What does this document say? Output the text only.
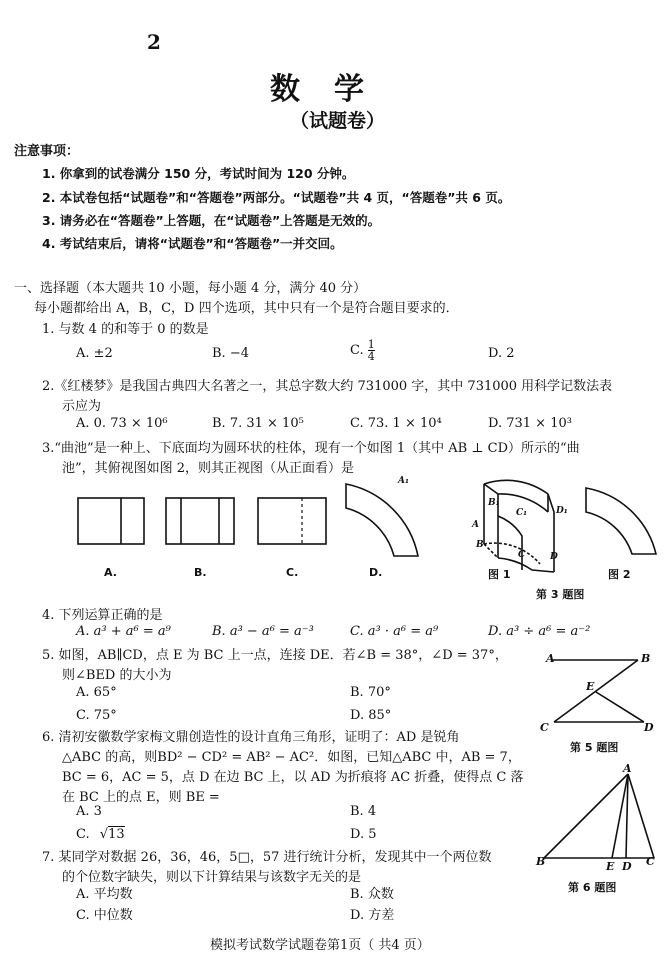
2
数　学
（试题卷）
注意事项：
1. 你拿到的试卷满分 150 分，考试时间为 120 分钟。
2. 本试卷包括“试题卷”和“答题卷”两部分。“试题卷”共 4 页，“答题卷”共 6 页。
3. 请务必在“答题卷”上答题，在“试题卷”上答题是无效的。
4. 考试结束后，请将“试题卷”和“答题卷”一并交回。
一、选择题（本大题共 10 小题，每小题 4 分，满分 40 分）
每小题都给出 A，B，C，D 四个选项，其中只有一个是符合题目要求的．
1. 与数 4 的和等于 0 的数是
A. ±2	B. −4	C. $\frac{1}{4}$	D. 2
2.《红楼梦》是我国古典四大名著之一，其总字数大约 731000 字，其中 731000 用科学记数法表
示应为
A. 0. 73 × 10⁶	B. 7. 31 × 10⁵	C. 73. 1 × 10⁴	D. 731 × 10³
3.“曲池”是一种上、下底面均为圆环状的柱体，现有一个如图 1（其中 AB ⊥ CD）所示的“曲
池”，其俯视图如图 2，则其正视图（从正面看）是
A₁
B₁
C₁	D₁
A
B
C	D
A.	B.	C.	D.	图 1	图 2
第 3 题图
4. 下列运算正确的是
A. a³ + a⁶ = a⁹	B. a³ − a⁶ = a⁻³	C. a³ · a⁶ = a⁹	D. a³ ÷ a⁶ = a⁻²
5. 如图，AB∥CD，点 E 为 BC 上一点，连接 DE．若∠B = 38°，∠D = 37°，
则∠BED 的大小为
A. 65°	B. 70°
C. 75°	D. 85°
A	B
E
C	D
第 5 题图
6. 清初安徽数学家梅文鼎创造性的设计直角三角形，证明了：AD 是锐角
△ABC 的高，则BD² − CD² = AB² − AC²．如图，已知△ABC 中，AB = 7，
BC = 6，AC = 5，点 D 在边 BC 上，以 AD 为折痕将 AC 折叠，使得点 C 落
在 BC 上的点 E，则 BE =
A. 3	B. 4
C. √13	D. 5
A
B	E D C
第 6 题图
7. 某同学对数据 26，36，46，5□，57 进行统计分析，发现其中一个两位数
的个位数字缺失，则以下计算结果与该数字无关的是
A. 平均数	B. 众数
C. 中位数	D. 方差
模拟考试数学试题卷第1页（ 共4 页）
